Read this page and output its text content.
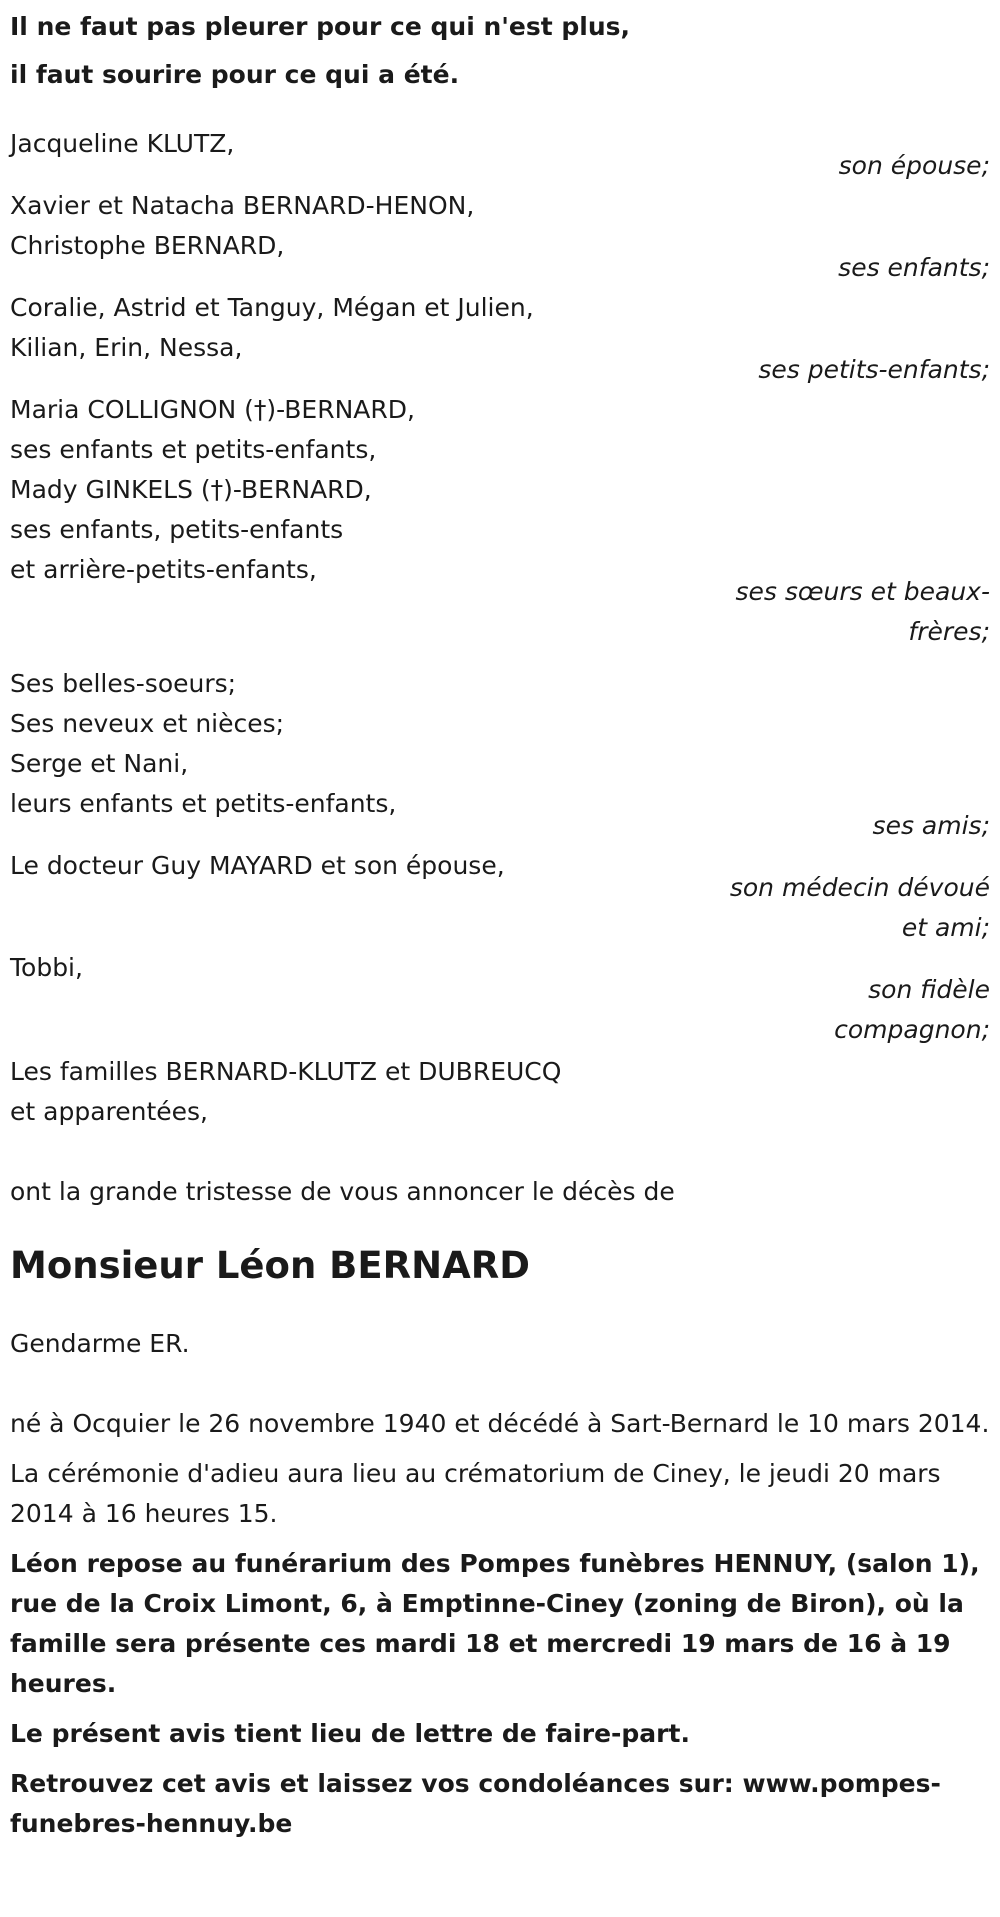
Il ne faut pas pleurer pour ce qui n'est plus,

il faut sourire pour ce qui a été.

Jacqueline KLUTZ,
son épouse;
Xavier et Natacha BERNARD-HENON,
Christophe BERNARD,
ses enfants;
Coralie, Astrid et Tanguy, Mégan et Julien,
Kilian, Erin, Nessa,
ses petits-enfants;
Maria COLLIGNON (†)-BERNARD,
ses enfants et petits-enfants,
Mady GINKELS (†)-BERNARD,
ses enfants, petits-enfants
et arrière-petits-enfants,
ses sœurs et beaux-frères;
Ses belles-soeurs;
Ses neveux et nièces;
Serge et Nani,
leurs enfants et petits-enfants,
ses amis;
Le docteur Guy MAYARD et son épouse,
son médecin dévoué et ami;
Tobbi,
son fidèle compagnon;
Les familles BERNARD-KLUTZ et DUBREUCQ
et apparentées,
ont la grande tristesse de vous annoncer le décès de
Monsieur Léon BERNARD

Gendarme ER.

né à Ocquier le 26 novembre 1940 et décédé à Sart-Bernard le 10 mars 2014.

La cérémonie d'adieu aura lieu au crématorium de Ciney, le jeudi 20 mars 2014 à 16 heures 15.

Léon repose au funérarium des Pompes funèbres HENNUY, (salon 1), rue de la Croix Limont, 6, à Emptinne-Ciney (zoning de Biron), où la famille sera présente ces mardi 18 et mercredi 19 mars de 16 à 19 heures.

Le présent avis tient lieu de lettre de faire-part.

Retrouvez cet avis et laissez vos condoléances sur: www.pompes-funebres-hennuy.be
